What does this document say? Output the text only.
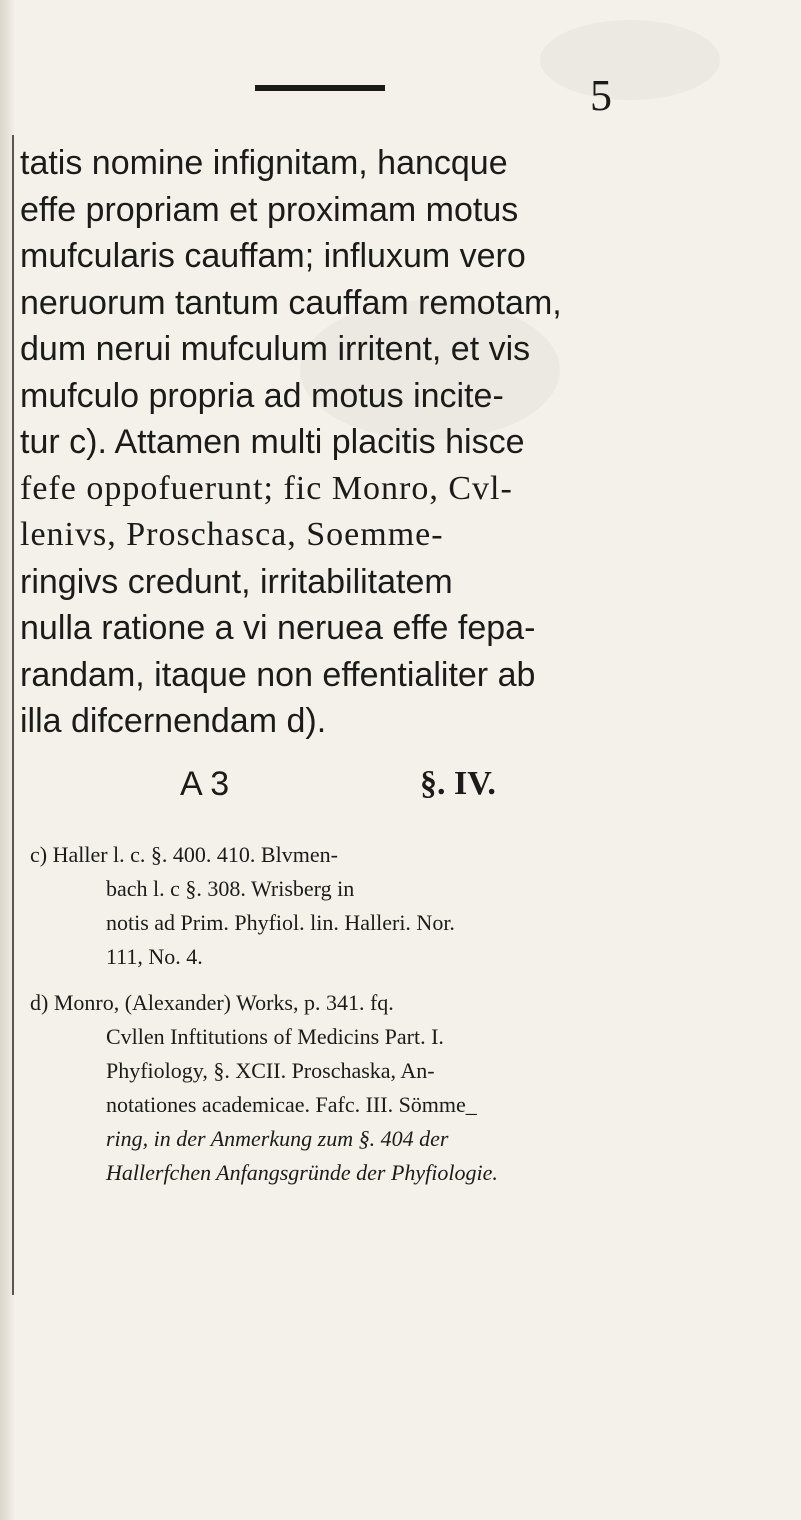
5
tatis nomine infignitam, hancque
effe propriam et proximam motus
mufcularis cauffam; influxum vero
neruorum tantum cauffam remotam,
dum nerui mufculum irritent, et vis
mufculo propria ad motus incite-
tur c). Attamen multi placitis hisce
fefe oppofuerunt; fic Monro, Cvl-
lenivs, Proschasca, Soemme-
ringivs credunt, irritabilitatem
nulla ratione a vi neruea effe fepa-
randam, itaque non effentialiter ab
illa difcernendam d).
A 3	§. IV.

c) Haller l. c. §. 400. 410. Blvmen-

bach l. c §. 308. Wrisberg in

notis ad Prim. Phyfiol. lin. Halleri. Nor.

111, No. 4.

d) Monro, (Alexander) Works, p. 341. fq.

Cvllen Inftitutions of Medicins Part. I.

Phyfiology, §. XCII. Proschaska, An-

notationes academicae. Fafc. III. Sömme_

ring, in der Anmerkung zum §. 404 der

Hallerfchen Anfangsgründe der Phyfiologie.
